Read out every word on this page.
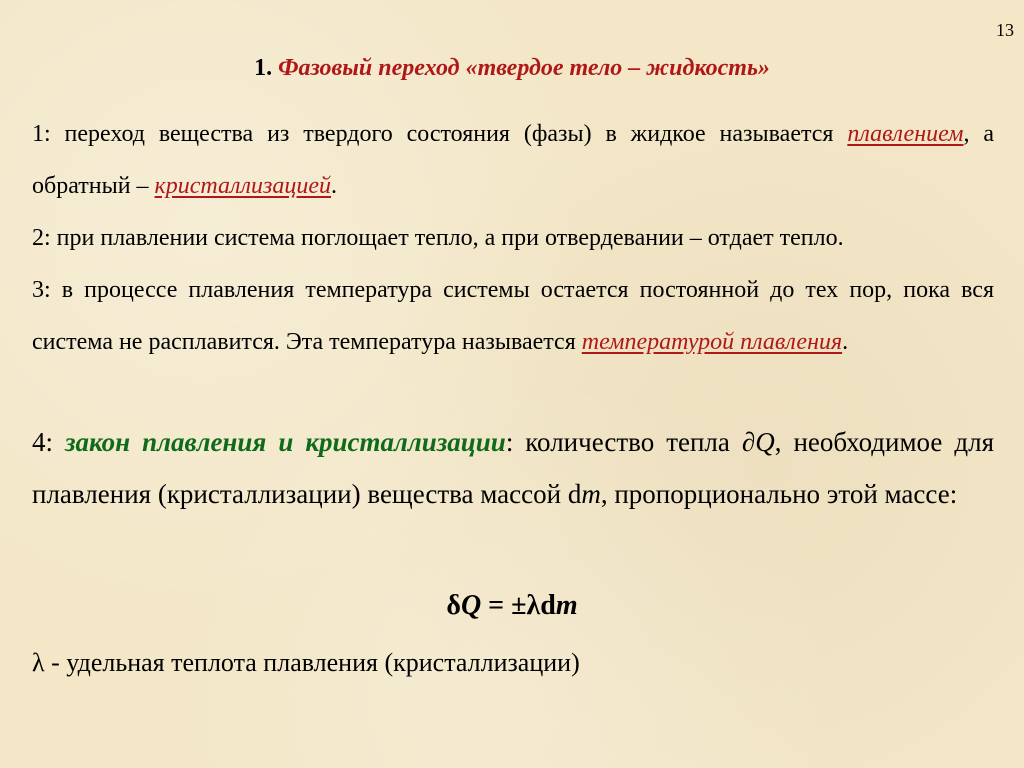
13
1. Фазовый переход «твердое тело – жидкость»

1: переход вещества из твердого состояния (фазы) в жидкое называется плавлением, а обратный – кристаллизацией.

2: при плавлении система поглощает тепло, а при отвердевании – отдает тепло.

3: в процессе плавления температура системы остается постоянной до тех пор, пока вся система не расплавится. Эта температура называется температурой плавления.

4: закон плавления и кристаллизации: количество тепла ∂Q, необходимое для плавления (кристаллизации) вещества массой dm, пропорционально этой массе:

δQ = ±λdm
λ - удельная теплота плавления (кристаллизации)
